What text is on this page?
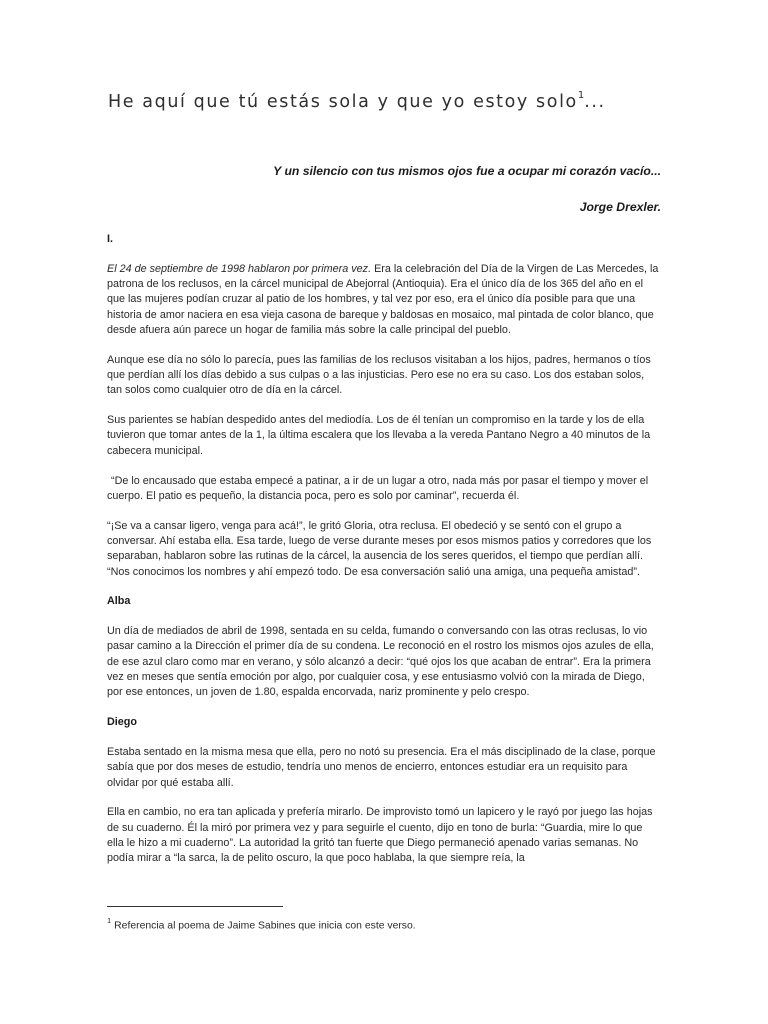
He aquí que tú estás sola y que yo estoy solo$^1$...

Y un silencio con tus mismos ojos fue a ocupar mi corazón vacío...

Jorge Drexler.

I.

El 24 de septiembre de 1998 hablaron por primera vez. Era la celebración del Día de la Virgen de Las Mercedes, la patrona de los reclusos, en la cárcel municipal de Abejorral (Antioquia). Era el único día de los 365 del año en el que las mujeres podían cruzar al patio de los hombres, y tal vez por eso, era el único día posible para que una historia de amor naciera en esa vieja casona de bareque y baldosas en mosaico, mal pintada de color blanco, que desde afuera aún parece un hogar de familia más sobre la calle principal del pueblo.

Aunque ese día no sólo lo parecía, pues las familias de los reclusos visitaban a los hijos, padres, hermanos o tíos que perdían allí los días debido a sus culpas o a las injusticias. Pero ese no era su caso. Los dos estaban solos, tan solos como cualquier otro de día en la cárcel.

Sus parientes se habían despedido antes del mediodía. Los de él tenían un compromiso en la tarde y los de ella tuvieron que tomar antes de la 1, la última escalera que los llevaba a la vereda Pantano Negro a 40 minutos de la cabecera municipal.

“De lo encausado que estaba empecé a patinar, a ir de un lugar a otro, nada más por pasar el tiempo y mover el cuerpo. El patio es pequeño, la distancia poca, pero es solo por caminar”, recuerda él.

“¡Se va a cansar ligero, venga para acá!”, le gritó Gloria, otra reclusa. El obedeció y se sentó con el grupo a conversar. Ahí estaba ella. Esa tarde, luego de verse durante meses por esos mismos patios y corredores que los separaban, hablaron sobre las rutinas de la cárcel, la ausencia de los seres queridos, el tiempo que perdían allí. “Nos conocimos los nombres y ahí empezó todo. De esa conversación salió una amiga, una pequeña amistad”.

Alba

Un día de mediados de abril de 1998, sentada en su celda, fumando o conversando con las otras reclusas, lo vio pasar camino a la Dirección el primer día de su condena. Le reconoció en el rostro los mismos ojos azules de ella, de ese azul claro como mar en verano, y sólo alcanzó a decir: “qué ojos los que acaban de entrar”. Era la primera vez en meses que sentía emoción por algo, por cualquier cosa, y ese entusiasmo volvió con la mirada de Diego, por ese entonces, un joven de 1.80, espalda encorvada, nariz prominente y pelo crespo.

Diego

Estaba sentado en la misma mesa que ella, pero no notó su presencia. Era el más disciplinado de la clase, porque sabía que por dos meses de estudio, tendría uno menos de encierro, entonces estudiar era un requisito para olvidar por qué estaba allí.

Ella en cambio, no era tan aplicada y prefería mirarlo. De improvisto tomó un lapicero y le rayó por juego las hojas de su cuaderno. Él la miró por primera vez y para seguirle el cuento, dijo en tono de burla: “Guardia, mire lo que ella le hizo a mi cuaderno”. La autoridad la gritó tan fuerte que Diego permaneció apenado varias semanas. No podía mirar a “la sarca, la de pelito oscuro, la que poco hablaba, la que siempre reía, la

$^1$ Referencia al poema de Jaime Sabines que inicia con este verso.
